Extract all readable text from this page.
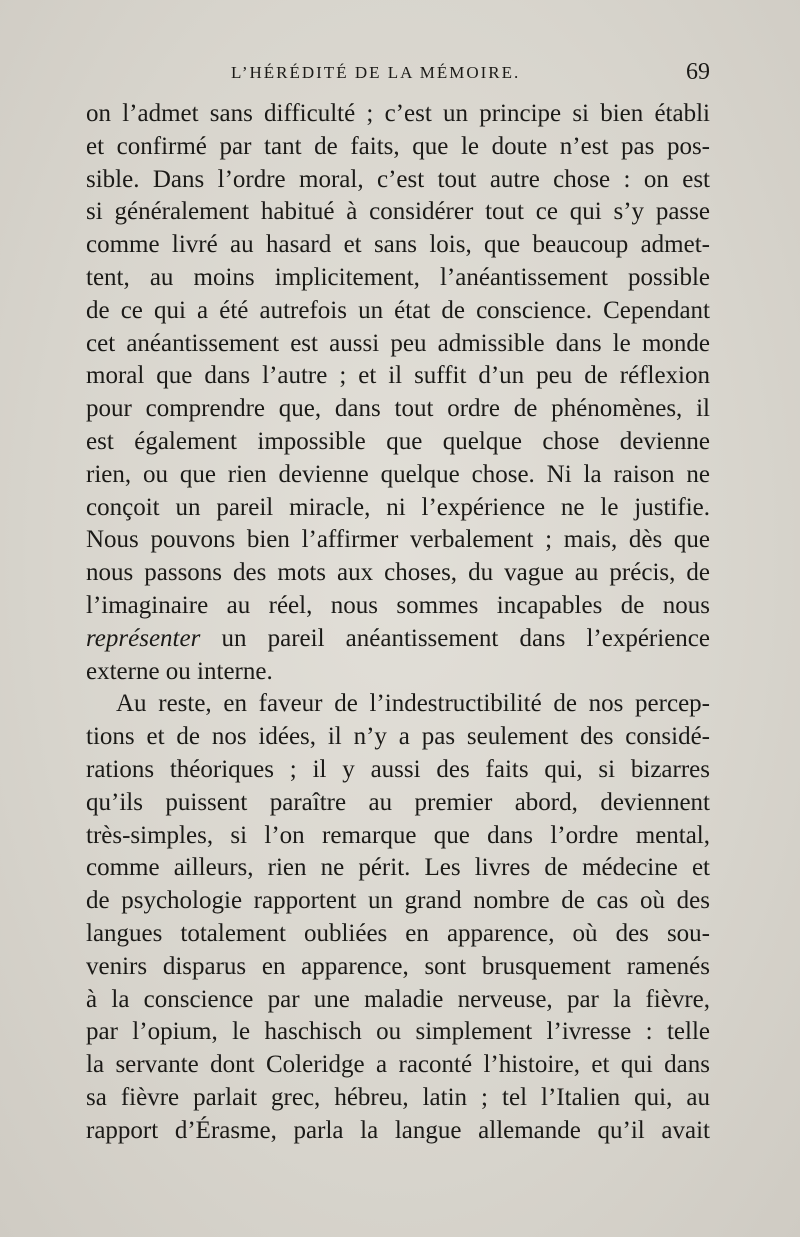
L’HÉRÉDITÉ DE LA MÉMOIRE.	69
on l’admet sans difficulté ; c’est un principe si bien établi
et confirmé par tant de faits, que le doute n’est pas pos-
sible. Dans l’ordre moral, c’est tout autre chose : on est
si généralement habitué à considérer tout ce qui s’y passe
comme livré au hasard et sans lois, que beaucoup admet-
tent, au moins implicitement, l’anéantissement possible
de ce qui a été autrefois un état de conscience. Cependant
cet anéantissement est aussi peu admissible dans le monde
moral que dans l’autre ; et il suffit d’un peu de réflexion
pour comprendre que, dans tout ordre de phénomènes, il
est également impossible que quelque chose devienne
rien, ou que rien devienne quelque chose. Ni la raison ne
conçoit un pareil miracle, ni l’expérience ne le justifie.
Nous pouvons bien l’affirmer verbalement ; mais, dès que
nous passons des mots aux choses, du vague au précis, de
l’imaginaire au réel, nous sommes incapables de nous
représenter un pareil anéantissement dans l’expérience
externe ou interne.
Au reste, en faveur de l’indestructibilité de nos percep-
tions et de nos idées, il n’y a pas seulement des considé-
rations théoriques ; il y aussi des faits qui, si bizarres
qu’ils puissent paraître au premier abord, deviennent
très-simples, si l’on remarque que dans l’ordre mental,
comme ailleurs, rien ne périt. Les livres de médecine et
de psychologie rapportent un grand nombre de cas où des
langues totalement oubliées en apparence, où des sou-
venirs disparus en apparence, sont brusquement ramenés
à la conscience par une maladie nerveuse, par la fièvre,
par l’opium, le haschisch ou simplement l’ivresse : telle
la servante dont Coleridge a raconté l’histoire, et qui dans
sa fièvre parlait grec, hébreu, latin ; tel l’Italien qui, au
rapport d’Érasme, parla la langue allemande qu’il avait
